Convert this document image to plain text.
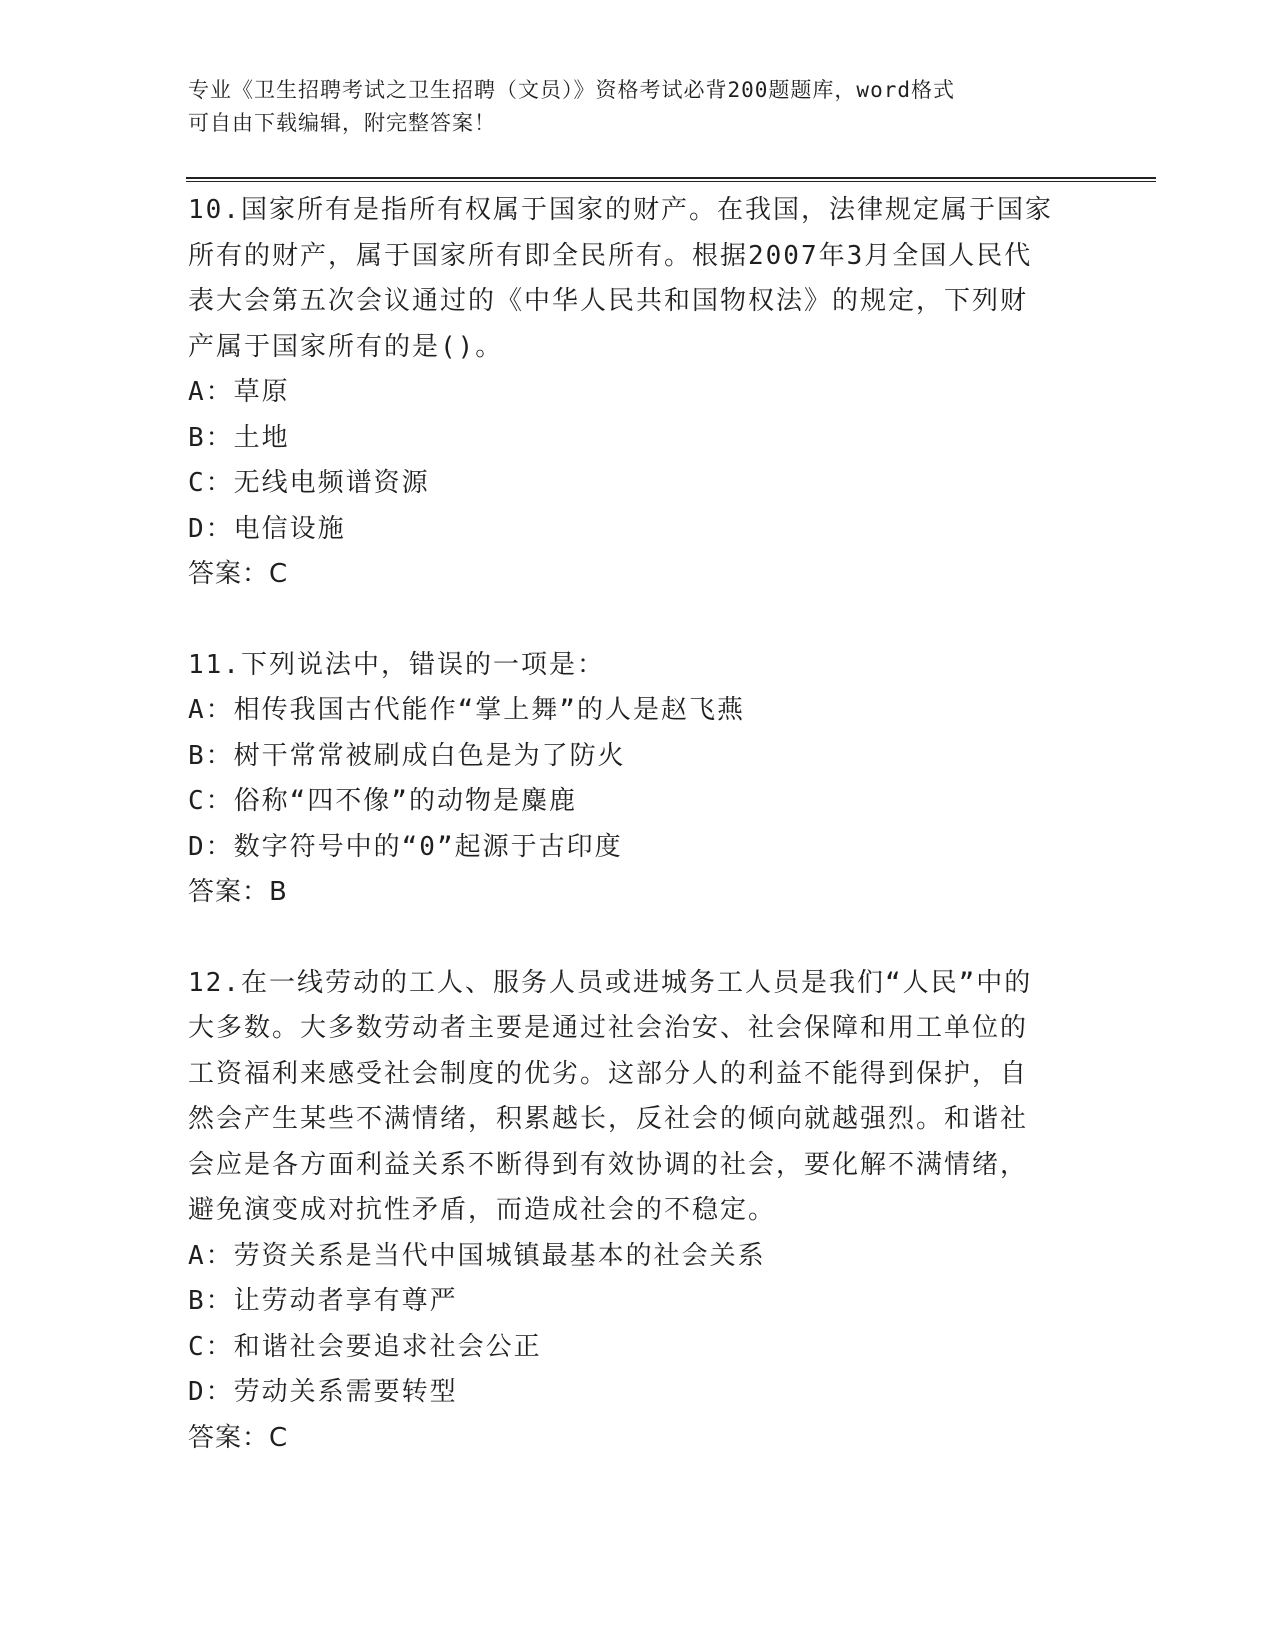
专业《卫生招聘考试之卫生招聘（文员）》资格考试必背200题题库，word格式
可自由下载编辑，附完整答案！
10.国家所有是指所有权属于国家的财产。在我国，法律规定属于国家
所有的财产，属于国家所有即全民所有。根据2007年3月全国人民代
表大会第五次会议通过的《中华人民共和国物权法》的规定，下列财
产属于国家所有的是()。
A：草原
B：土地
C：无线电频谱资源
D：电信设施
答案：C
11.下列说法中，错误的一项是：
A：相传我国古代能作“掌上舞”的人是赵飞燕
B：树干常常被刷成白色是为了防火
C：俗称“四不像”的动物是麋鹿
D：数字符号中的“0”起源于古印度
答案：B
12.在一线劳动的工人、服务人员或进城务工人员是我们“人民”中的
大多数。大多数劳动者主要是通过社会治安、社会保障和用工单位的
工资福利来感受社会制度的优劣。这部分人的利益不能得到保护，自
然会产生某些不满情绪，积累越长，反社会的倾向就越强烈。和谐社
会应是各方面利益关系不断得到有效协调的社会，要化解不满情绪，
避免演变成对抗性矛盾，而造成社会的不稳定。
A：劳资关系是当代中国城镇最基本的社会关系
B：让劳动者享有尊严
C：和谐社会要追求社会公正
D：劳动关系需要转型
答案：C
